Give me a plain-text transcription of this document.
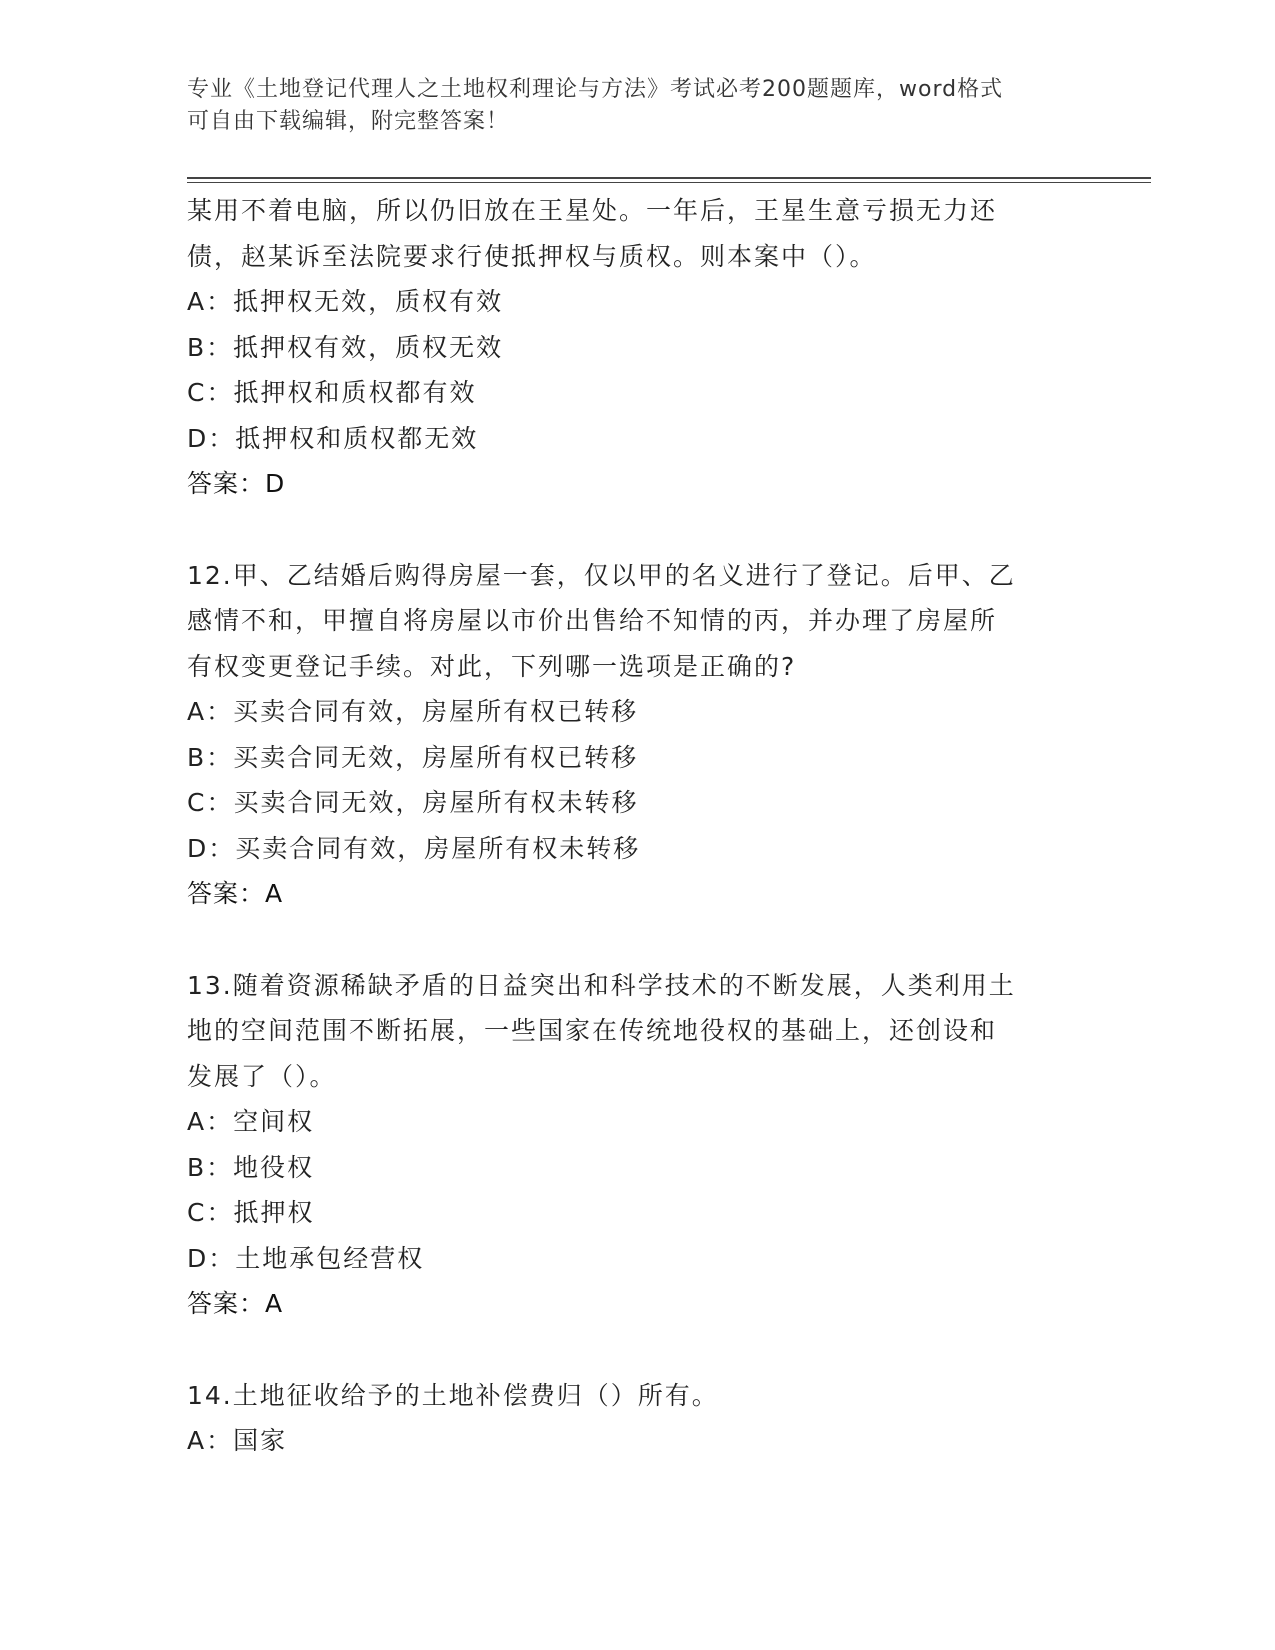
专业《土地登记代理人之土地权利理论与方法》考试必考200题题库，word格式
可自由下载编辑，附完整答案！
某用不着电脑，所以仍旧放在王星处。一年后，王星生意亏损无力还
债，赵某诉至法院要求行使抵押权与质权。则本案中（）。
A：抵押权无效，质权有效
B：抵押权有效，质权无效
C：抵押权和质权都有效
D：抵押权和质权都无效
答案：D
12.甲、乙结婚后购得房屋一套，仅以甲的名义进行了登记。后甲、乙
感情不和，甲擅自将房屋以市价出售给不知情的丙，并办理了房屋所
有权变更登记手续。对此，下列哪一选项是正确的?
A：买卖合同有效，房屋所有权已转移
B：买卖合同无效，房屋所有权已转移
C：买卖合同无效，房屋所有权未转移
D：买卖合同有效，房屋所有权未转移
答案：A
13.随着资源稀缺矛盾的日益突出和科学技术的不断发展，人类利用土
地的空间范围不断拓展，一些国家在传统地役权的基础上，还创设和
发展了（）。
A：空间权
B：地役权
C：抵押权
D：土地承包经营权
答案：A
14.土地征收给予的土地补偿费归（）所有。
A：国家
